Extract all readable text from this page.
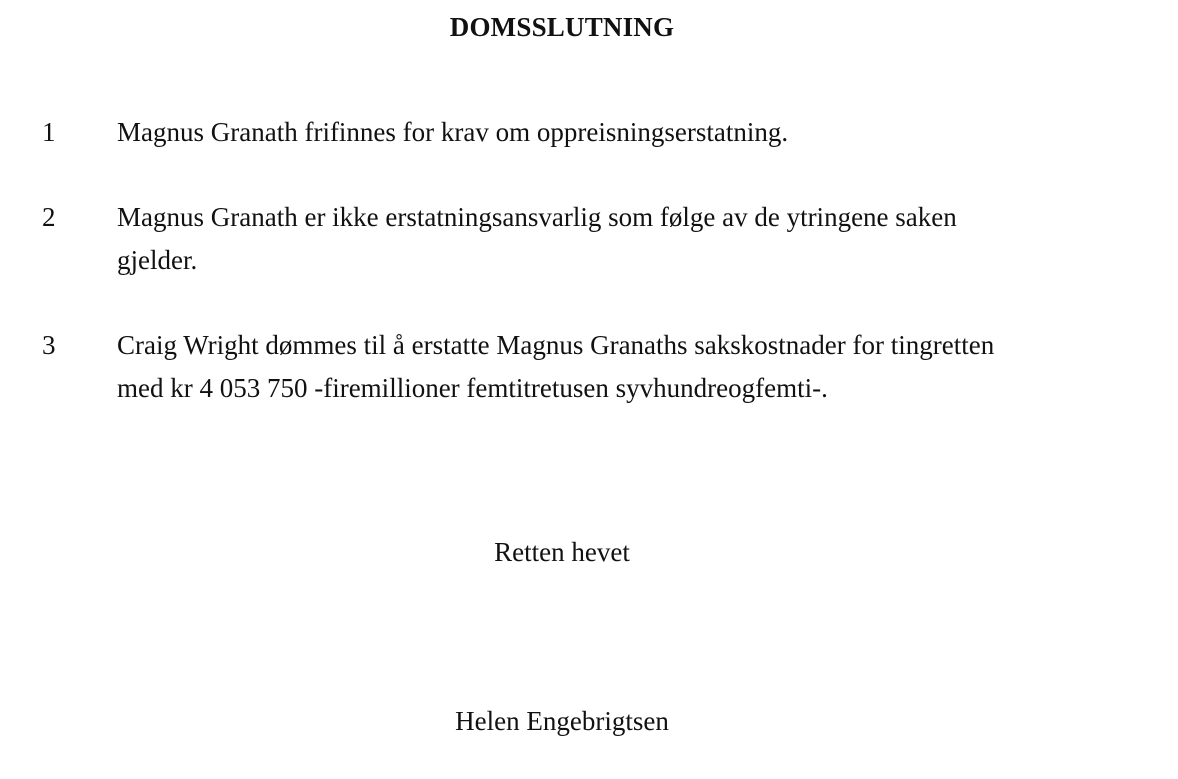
DOMSSLUTNING
1 Magnus Granath frifinnes for krav om oppreisningserstatning.
2 Magnus Granath er ikke erstatningsansvarlig som følge av de ytringene saken
gjelder.
3 Craig Wright dømmes til å erstatte Magnus Granaths sakskostnader for tingretten
med kr 4 053 750 -firemillioner femtitretusen syvhundreogfemti-.
Retten hevet
Helen Engebrigtsen
